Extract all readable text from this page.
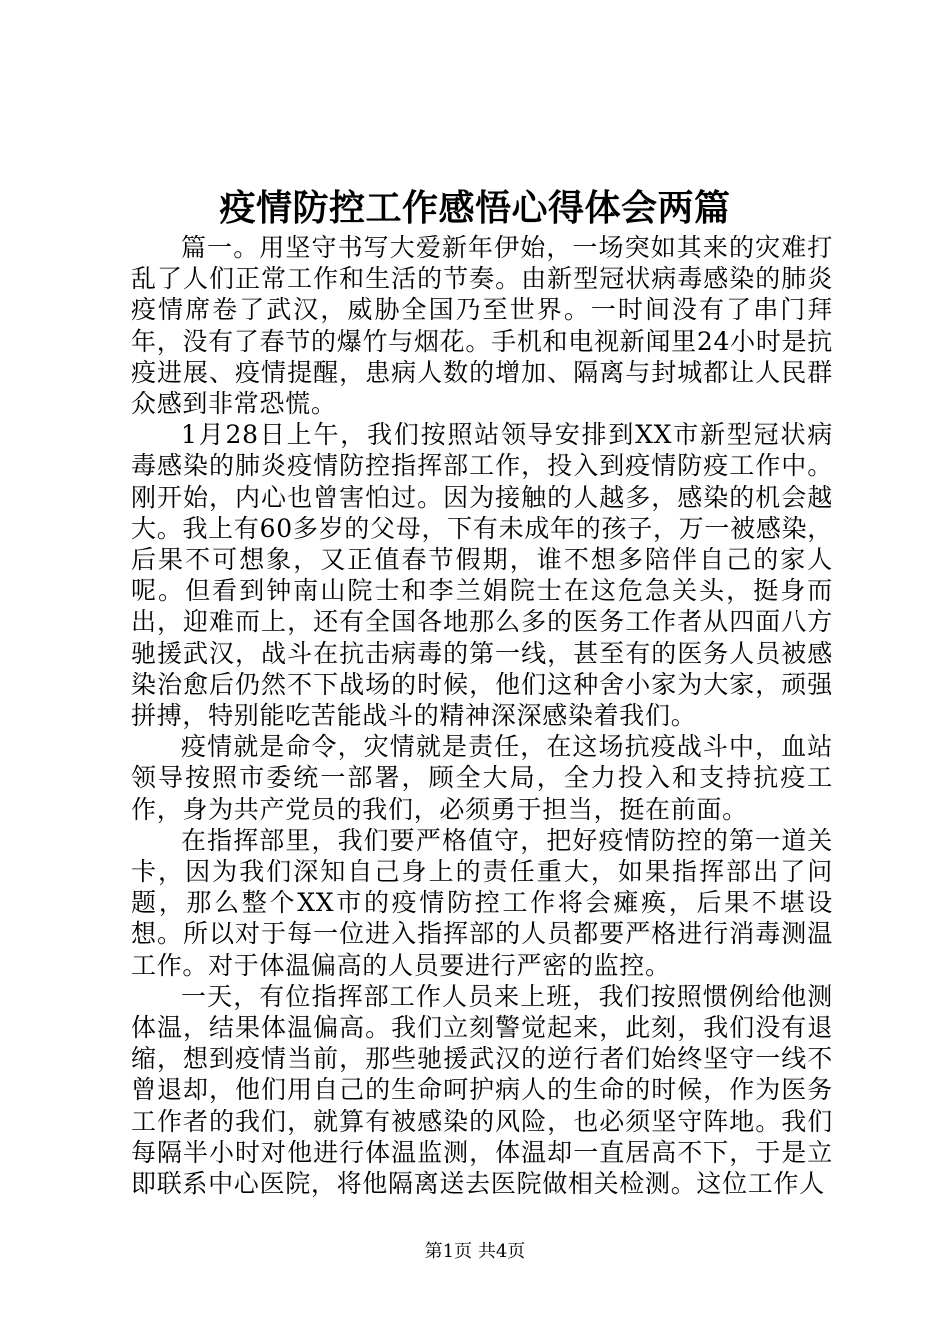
疫情防控工作感悟心得体会两篇

篇一。用坚守书写大爱新年伊始，一场突如其来的灾难打乱了人们正常工作和生活的节奏。由新型冠状病毒感染的肺炎疫情席卷了武汉，威胁全国乃至世界。一时间没有了串门拜年，没有了春节的爆竹与烟花。手机和电视新闻里24小时是抗疫进展、疫情提醒，患病人数的增加、隔离与封城都让人民群众感到非常恐慌。

1月28日上午，我们按照站领导安排到XX市新型冠状病毒感染的肺炎疫情防控指挥部工作，投入到疫情防疫工作中。刚开始，内心也曾害怕过。因为接触的人越多，感染的机会越大。我上有60多岁的父母，下有未成年的孩子，万一被感染，后果不可想象，又正值春节假期，谁不想多陪伴自己的家人呢。但看到钟南山院士和李兰娟院士在这危急关头，挺身而出，迎难而上，还有全国各地那么多的医务工作者从四面八方驰援武汉，战斗在抗击病毒的第一线，甚至有的医务人员被感染治愈后仍然不下战场的时候，他们这种舍小家为大家，顽强拼搏，特别能吃苦能战斗的精神深深感染着我们。

疫情就是命令，灾情就是责任，在这场抗疫战斗中，血站领导按照市委统一部署，顾全大局，全力投入和支持抗疫工作，身为共产党员的我们，必须勇于担当，挺在前面。

在指挥部里，我们要严格值守，把好疫情防控的第一道关卡，因为我们深知自己身上的责任重大，如果指挥部出了问题，那么整个XX市的疫情防控工作将会瘫痪，后果不堪设想。所以对于每一位进入指挥部的人员都要严格进行消毒测温工作。对于体温偏高的人员要进行严密的监控。

一天，有位指挥部工作人员来上班，我们按照惯例给他测体温，结果体温偏高。我们立刻警觉起来，此刻，我们没有退缩，想到疫情当前，那些驰援武汉的逆行者们始终坚守一线不曾退却，他们用自己的生命呵护病人的生命的时候，作为医务工作者的我们，就算有被感染的风险，也必须坚守阵地。我们每隔半小时对他进行体温监测，体温却一直居高不下，于是立即联系中心医院，将他隔离送去医院做相关检测。这位工作人

第1页 共4页
